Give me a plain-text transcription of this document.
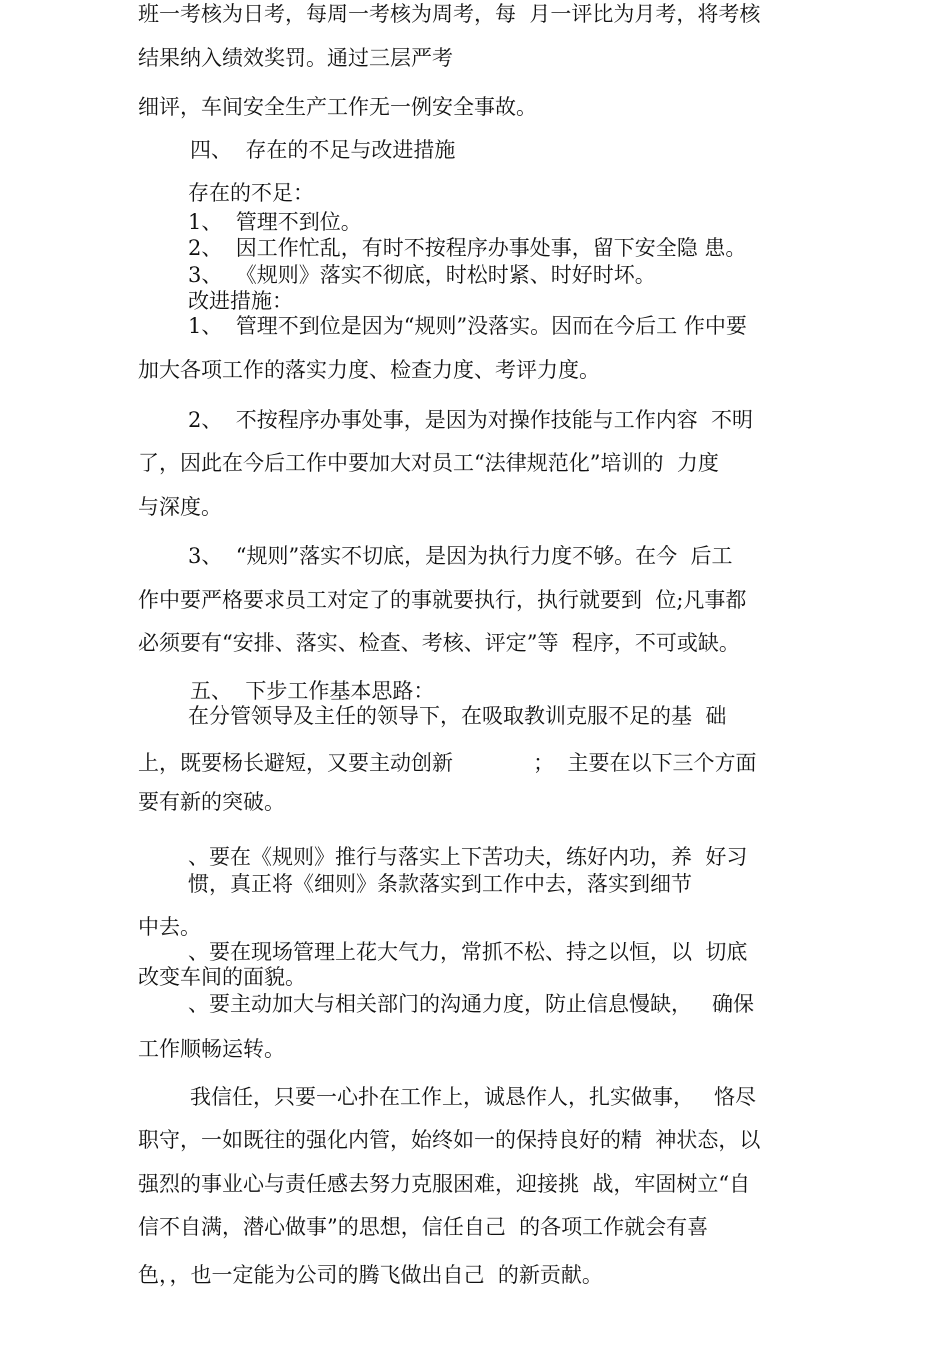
班一考核为日考，每周一考核为周考，每  月一评比为月考，将考核
结果纳入绩效奖罚。通过三层严考
细评，车间安全生产工作无一例安全事故。
四、  存在的不足与改进措施
存在的不足：
1、  管理不到位。
2、  因工作忙乱，有时不按程序办事处事，留下安全隐 患。
3、  《规则》落实不彻底，时松时紧、时好时坏。
改进措施：
1、  管理不到位是因为“规则”没落实。因而在今后工 作中要
加大各项工作的落实力度、检查力度、考评力度。
2、  不按程序办事处事，是因为对操作技能与工作内容  不明
了，因此在今后工作中要加大对员工“法律规范化”培训的  力度
与深度。
3、  “规则”落实不切底，是因为执行力度不够。在今  后工
作中要严格要求员工对定了的事就要执行，执行就要到  位;凡事都
必须要有“安排、落实、检查、考核、评定”等  程序，不可或缺。
五、  下步工作基本思路：
在分管领导及主任的领导下，在吸取教训克服不足的基  础
上，既要杨长避短，又要主动创新            ；  主要在以下三个方面
要有新的突破。
、要在《规则》推行与落实上下苦功夫，练好内功，养  好习
惯，真正将《细则》条款落实到工作中去，落实到细节
中去。
、要在现场管理上花大气力，常抓不松、持之以恒，以  切底
改变车间的面貌。
、要主动加大与相关部门的沟通力度，防止信息慢缺，   确保
工作顺畅运转。
我信任，只要一心扑在工作上，诚恳作人，扎实做事，   恪尽
职守，一如既往的强化内管，始终如一的保持良好的精  神状态，以
强烈的事业心与责任感去努力克服困难，迎接挑  战，牢固树立“自
信不自满，潜心做事”的思想，信任自己  的各项工作就会有喜
色，，也一定能为公司的腾飞做出自己  的新贡献。
